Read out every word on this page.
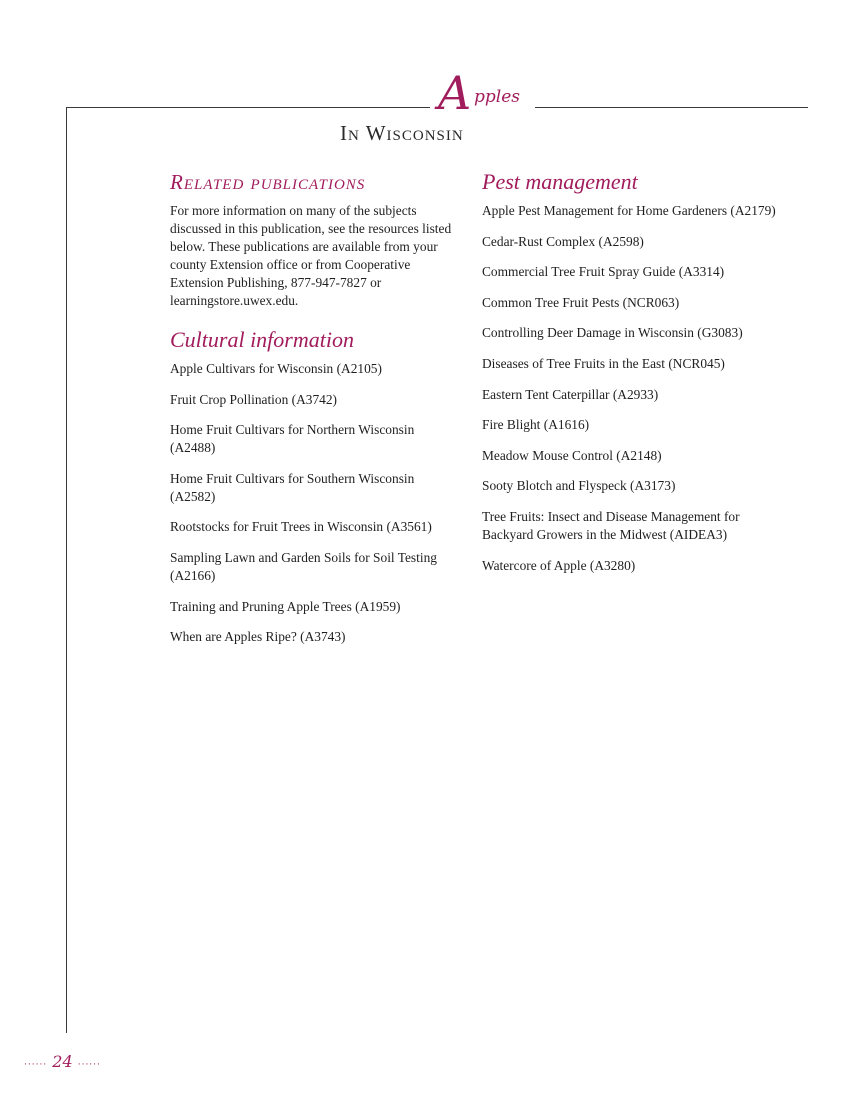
A pples
In Wisconsin
Related publications

For more information on many of the subjects discussed in this publication, see the resources listed below. These publications are available from your county Extension office or from Cooperative Extension Publishing, 877-947-7827 or learningstore.uwex.edu.

Cultural information
Apple Cultivars for Wisconsin (A2105)
Fruit Crop Pollination (A3742)
Home Fruit Cultivars for Northern Wisconsin (A2488)
Home Fruit Cultivars for Southern Wisconsin (A2582)
Rootstocks for Fruit Trees in Wisconsin (A3561)
Sampling Lawn and Garden Soils for Soil Testing (A2166)
Training and Pruning Apple Trees (A1959)
When are Apples Ripe? (A3743)
Pest management
Apple Pest Management for Home Gardeners (A2179)
Cedar-Rust Complex (A2598)
Commercial Tree Fruit Spray Guide (A3314)
Common Tree Fruit Pests (NCR063)
Controlling Deer Damage in Wisconsin (G3083)
Diseases of Tree Fruits in the East (NCR045)
Eastern Tent Caterpillar (A2933)
Fire Blight (A1616)
Meadow Mouse Control (A2148)
Sooty Blotch and Flyspeck (A3173)
Tree Fruits: Insect and Disease Management for Backyard Growers in the Midwest (AIDEA3)
Watercore of Apple (A3280)
...... 24 ......
